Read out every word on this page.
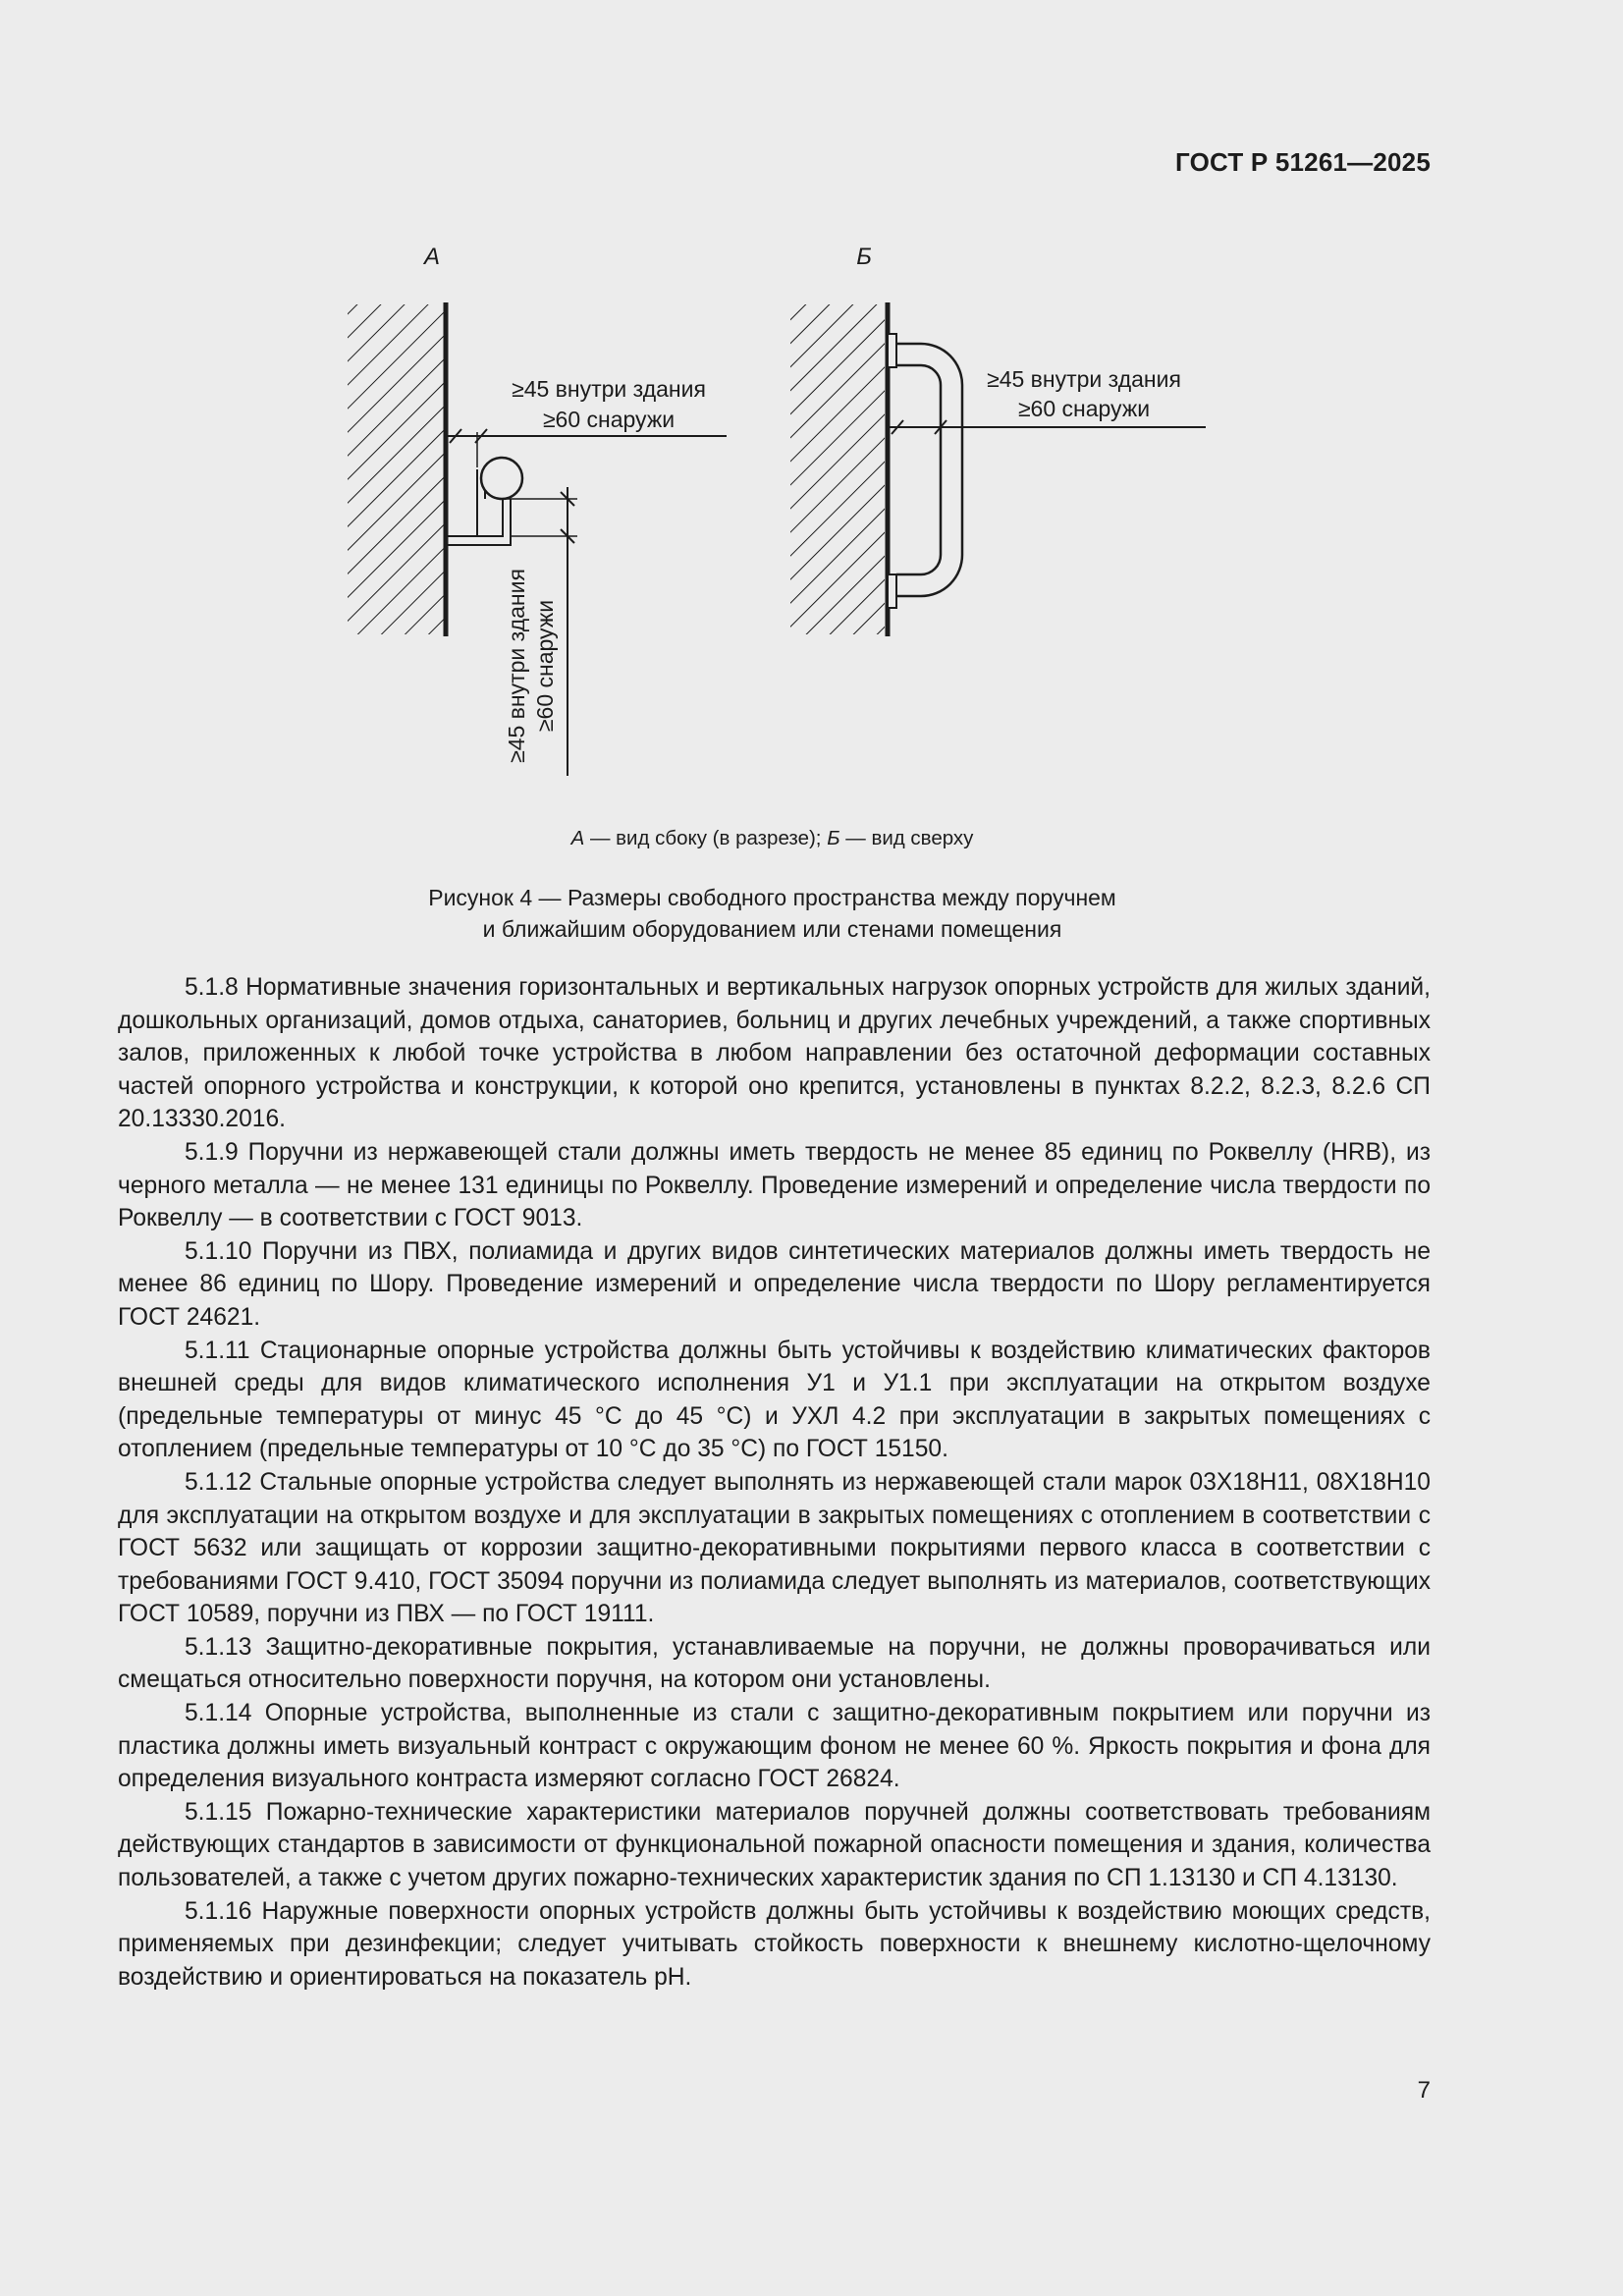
ГОСТ Р 51261—2025
А
≥45 внутри здания
≥60 снаружи
≥45 внутри здания ≥60 снаружи
Б
≥45 внутри здания
≥60 снаружи
А — вид сбоку (в разрезе); Б — вид сверху
Рисунок 4 — Размеры свободного пространства между поручнем
и ближайшим оборудованием или стенами помещения

5.1.8 Нормативные значения горизонтальных и вертикальных нагрузок опорных устройств для жилых зданий, дошкольных организаций, домов отдыха, санаториев, больниц и других лечебных учреждений, а также спортивных залов, приложенных к любой точке устройства в любом направлении без остаточной деформации составных частей опорного устройства и конструкции, к которой оно крепится, установлены в пунктах 8.2.2, 8.2.3, 8.2.6 СП 20.13330.2016.

5.1.9 Поручни из нержавеющей стали должны иметь твердость не менее 85 единиц по Роквеллу (HRB), из черного металла — не менее 131 единицы по Роквеллу. Проведение измерений и определение числа твердости по Роквеллу — в соответствии с ГОСТ 9013.

5.1.10 Поручни из ПВХ, полиамида и других видов синтетических материалов должны иметь твердость не менее 86 единиц по Шору. Проведение измерений и определение числа твердости по Шору регламентируется ГОСТ 24621.

5.1.11 Стационарные опорные устройства должны быть устойчивы к воздействию климатических факторов внешней среды для видов климатического исполнения У1 и У1.1 при эксплуатации на открытом воздухе (предельные температуры от минус 45 °С до 45 °С) и УХЛ 4.2 при эксплуатации в закрытых помещениях с отоплением (предельные температуры от 10 °С до 35 °С) по ГОСТ 15150.

5.1.12 Стальные опорные устройства следует выполнять из нержавеющей стали марок 03Х18Н11, 08Х18Н10 для эксплуатации на открытом воздухе и для эксплуатации в закрытых помещениях с отоплением в соответствии с ГОСТ 5632 или защищать от коррозии защитно-декоративными покрытиями первого класса в соответствии с требованиями ГОСТ 9.410, ГОСТ 35094 поручни из полиамида следует выполнять из материалов, соответствующих ГОСТ 10589, поручни из ПВХ — по ГОСТ 19111.

5.1.13 Защитно-декоративные покрытия, устанавливаемые на поручни, не должны проворачиваться или смещаться относительно поверхности поручня, на котором они установлены.

5.1.14 Опорные устройства, выполненные из стали с защитно-декоративным покрытием или поручни из пластика должны иметь визуальный контраст с окружающим фоном не менее 60 %. Яркость покрытия и фона для определения визуального контраста измеряют согласно ГОСТ 26824.

5.1.15 Пожарно-технические характеристики материалов поручней должны соответствовать требованиям действующих стандартов в зависимости от функциональной пожарной опасности помещения и здания, количества пользователей, а также с учетом других пожарно-технических характеристик здания по СП 1.13130 и СП 4.13130.

5.1.16 Наружные поверхности опорных устройств должны быть устойчивы к воздействию моющих средств, применяемых при дезинфекции; следует учитывать стойкость поверхности к внешнему кислотно-щелочному воздействию и ориентироваться на показатель pH.

7
